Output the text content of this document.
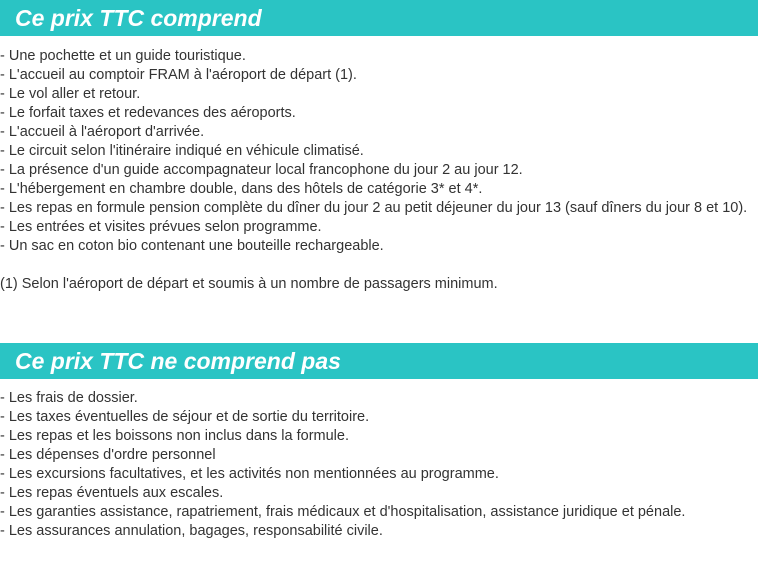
Ce prix TTC comprend
- Une pochette et un guide touristique.
- L'accueil au comptoir FRAM à l'aéroport de départ (1).
- Le vol aller et retour.
- Le forfait taxes et redevances des aéroports.
- L'accueil à l'aéroport d'arrivée.
- Le circuit selon l'itinéraire indiqué en véhicule climatisé.
- La présence d'un guide accompagnateur local francophone du jour 2 au jour 12.
- L'hébergement en chambre double, dans des hôtels de catégorie 3* et 4*.
- Les repas en formule pension complète du dîner du jour 2 au petit déjeuner du jour 13 (sauf dîners du jour 8 et 10).
- Les entrées et visites prévues selon programme.
- Un sac en coton bio contenant une bouteille rechargeable.

(1) Selon l'aéroport de départ et soumis à un nombre de passagers minimum.

Ce prix TTC ne comprend pas
- Les frais de dossier.
- Les taxes éventuelles de séjour et de sortie du territoire.
- Les repas et les boissons non inclus dans la formule.
- Les dépenses d'ordre personnel
- Les excursions facultatives, et les activités non mentionnées au programme.
- Les repas éventuels aux escales.
- Les garanties assistance, rapatriement, frais médicaux et d'hospitalisation, assistance juridique et pénale.
- Les assurances annulation, bagages, responsabilité civile.
